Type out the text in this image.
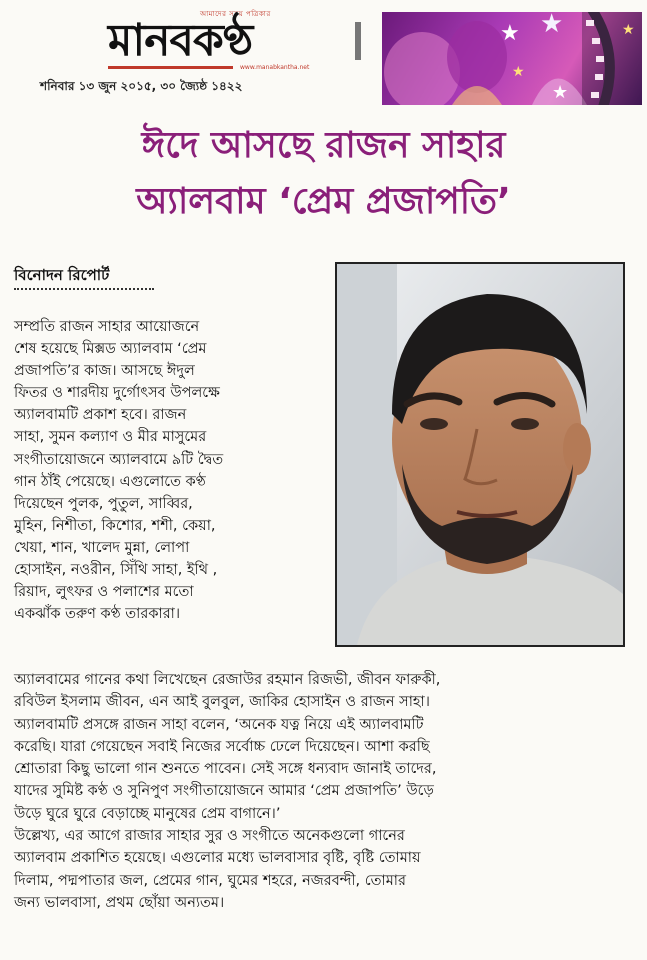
আমাদের সময় পত্রিকার
মানবকণ্ঠ
www.manabkantha.net
শনিবার ১৩ জুন ২০১৫, ৩০ জ্যৈষ্ঠ ১৪২২
★ ★
★
★
★
ঈদে আসছে রাজন সাহার
অ্যালবাম ‘প্রেম প্রজাপতি’
বিনোদন রিপোর্ট

সম্প্রতি রাজন সাহার আয়োজনে

শেষ হয়েছে মিক্সড অ্যালবাম ‘প্রেম

প্রজাপতি’র কাজ। আসছে ঈদুল

ফিতর ও শারদীয় দুর্গোৎসব উপলক্ষে

অ্যালবামটি প্রকাশ হবে। রাজন

সাহা, সুমন কল্যাণ ও মীর মাসুমের

সংগীতায়োজনে অ্যালবামে ৯টি দ্বৈত

গান ঠাঁই পেয়েছে। এগুলোতে কণ্ঠ

দিয়েছেন পুলক, পুতুল, সাব্বির,

মুহিন, নিশীতা, কিশোর, শশী, কেয়া,

খেয়া, শান, খালেদ মুন্না, লোপা

হোসাইন, নওরীন, সিঁথি সাহা, ইথি ,

রিয়াদ, লুৎফর ও পলাশের মতো

একঝাঁক তরুণ কণ্ঠ তারকারা।

অ্যালবামের গানের কথা লিখেছেন রেজাউর রহমান রিজভী, জীবন ফারুকী,

রবিউল ইসলাম জীবন, এন আই বুলবুল, জাকির হোসাইন ও রাজন সাহা।

অ্যালবামটি প্রসঙ্গে রাজন সাহা বলেন, ‘অনেক যত্ন নিয়ে এই অ্যালবামটি

করেছি। যারা গেয়েছেন সবাই নিজের সর্বোচ্চ ঢেলে দিয়েছেন। আশা করছি

শ্রোতারা কিছু ভালো গান শুনতে পাবেন। সেই সঙ্গে ধন্যবাদ জানাই তাদের,

যাদের সুমিষ্ট কণ্ঠ ও সুনিপুণ সংগীতায়োজনে আমার ‘প্রেম প্রজাপতি’ উড়ে

উড়ে ঘুরে ঘুরে বেড়াচ্ছে মানুষের প্রেম বাগানে।’

উল্লেখ্য, এর আগে রাজার সাহার সুর ও সংগীতে অনেকগুলো গানের

অ্যালবাম প্রকাশিত হয়েছে। এগুলোর মধ্যে ভালবাসার বৃষ্টি, বৃষ্টি তোমায়

দিলাম, পদ্মপাতার জল, প্রেমের গান, ঘুমের শহরে, নজরবন্দী, তোমার

জন্য ভালবাসা, প্রথম ছোঁয়া অন্যতম।
